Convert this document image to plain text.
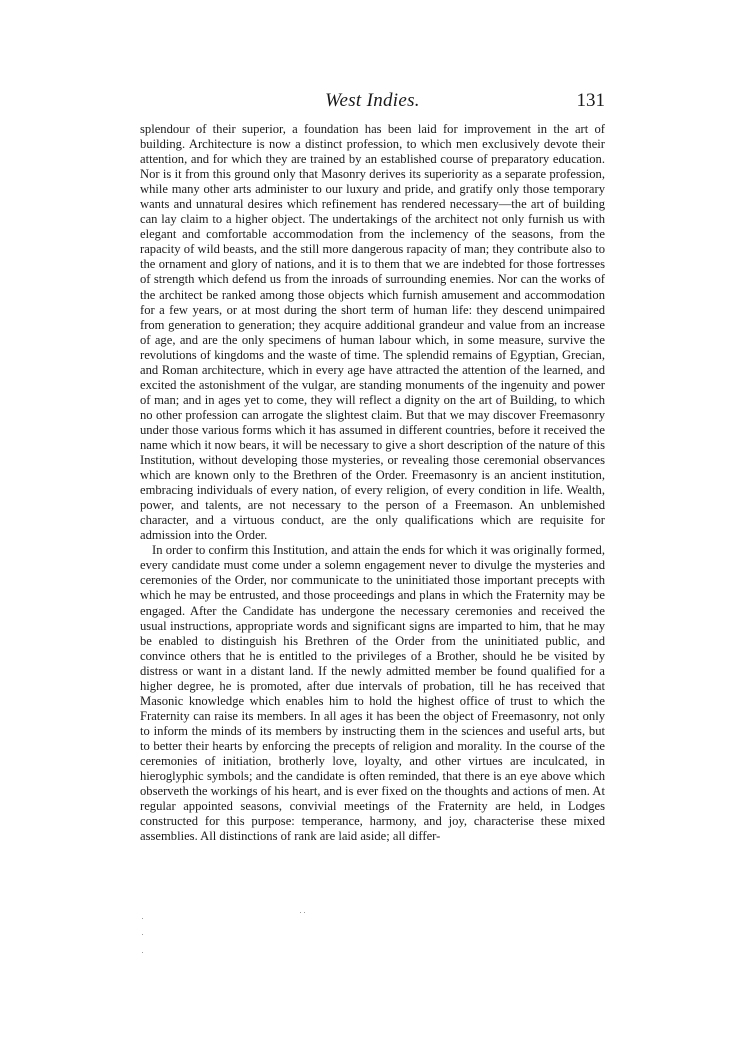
West Indies.	131

splendour of their superior, a foundation has been laid for improvement in the art of building. Architecture is now a distinct profession, to which men exclusively devote their attention, and for which they are trained by an established course of preparatory education. Nor is it from this ground only that Masonry derives its superiority as a separate profession, while many other arts administer to our luxury and pride, and gratify only those temporary wants and unnatural desires which refinement has rendered necessary—the art of building can lay claim to a higher object. The undertakings of the architect not only furnish us with elegant and comfortable accommodation from the inclemency of the seasons, from the rapacity of wild beasts, and the still more dangerous rapacity of man; they contribute also to the ornament and glory of nations, and it is to them that we are indebted for those fortresses of strength which defend us from the inroads of surrounding enemies. Nor can the works of the architect be ranked among those objects which furnish amusement and accommodation for a few years, or at most during the short term of human life: they descend unimpaired from generation to generation; they acquire additional grandeur and value from an increase of age, and are the only specimens of human labour which, in some measure, survive the revolutions of kingdoms and the waste of time. The splendid remains of Egyptian, Grecian, and Roman architecture, which in every age have attracted the attention of the learned, and excited the astonishment of the vulgar, are standing monuments of the ingenuity and power of man; and in ages yet to come, they will reflect a dignity on the art of Building, to which no other profession can arrogate the slightest claim. But that we may discover Freemasonry under those various forms which it has assumed in different countries, before it received the name which it now bears, it will be necessary to give a short description of the nature of this Institution, without developing those mysteries, or revealing those ceremonial observances which are known only to the Brethren of the Order. Freemasonry is an ancient institution, embracing individuals of every nation, of every religion, of every condition in life. Wealth, power, and talents, are not necessary to the person of a Freemason. An unblemished character, and a virtuous conduct, are the only qualifications which are requisite for admission into the Order.

In order to confirm this Institution, and attain the ends for which it was originally formed, every candidate must come under a solemn engagement never to divulge the mysteries and ceremonies of the Order, nor communicate to the uninitiated those important precepts with which he may be entrusted, and those proceedings and plans in which the Fraternity may be engaged. After the Candidate has undergone the necessary ceremonies and received the usual instructions, appropriate words and significant signs are imparted to him, that he may be enabled to distinguish his Brethren of the Order from the uninitiated public, and convince others that he is entitled to the privileges of a Brother, should he be visited by distress or want in a distant land. If the newly admitted member be found qualified for a higher degree, he is promoted, after due intervals of probation, till he has received that Masonic knowledge which enables him to hold the highest office of trust to which the Fraternity can raise its members. In all ages it has been the object of Freemasonry, not only to inform the minds of its members by instructing them in the sciences and useful arts, but to better their hearts by enforcing the precepts of religion and morality. In the course of the ceremonies of initiation, brotherly love, loyalty, and other virtues are inculcated, in hieroglyphic symbols; and the candidate is often reminded, that there is an eye above which observeth the workings of his heart, and is ever fixed on the thoughts and actions of men. At regular appointed seasons, convivial meetings of the Fraternity are held, in Lodges constructed for this purpose: temperance, harmony, and joy, characterise these mixed assemblies. All distinctions of rank are laid aside; all differ-
